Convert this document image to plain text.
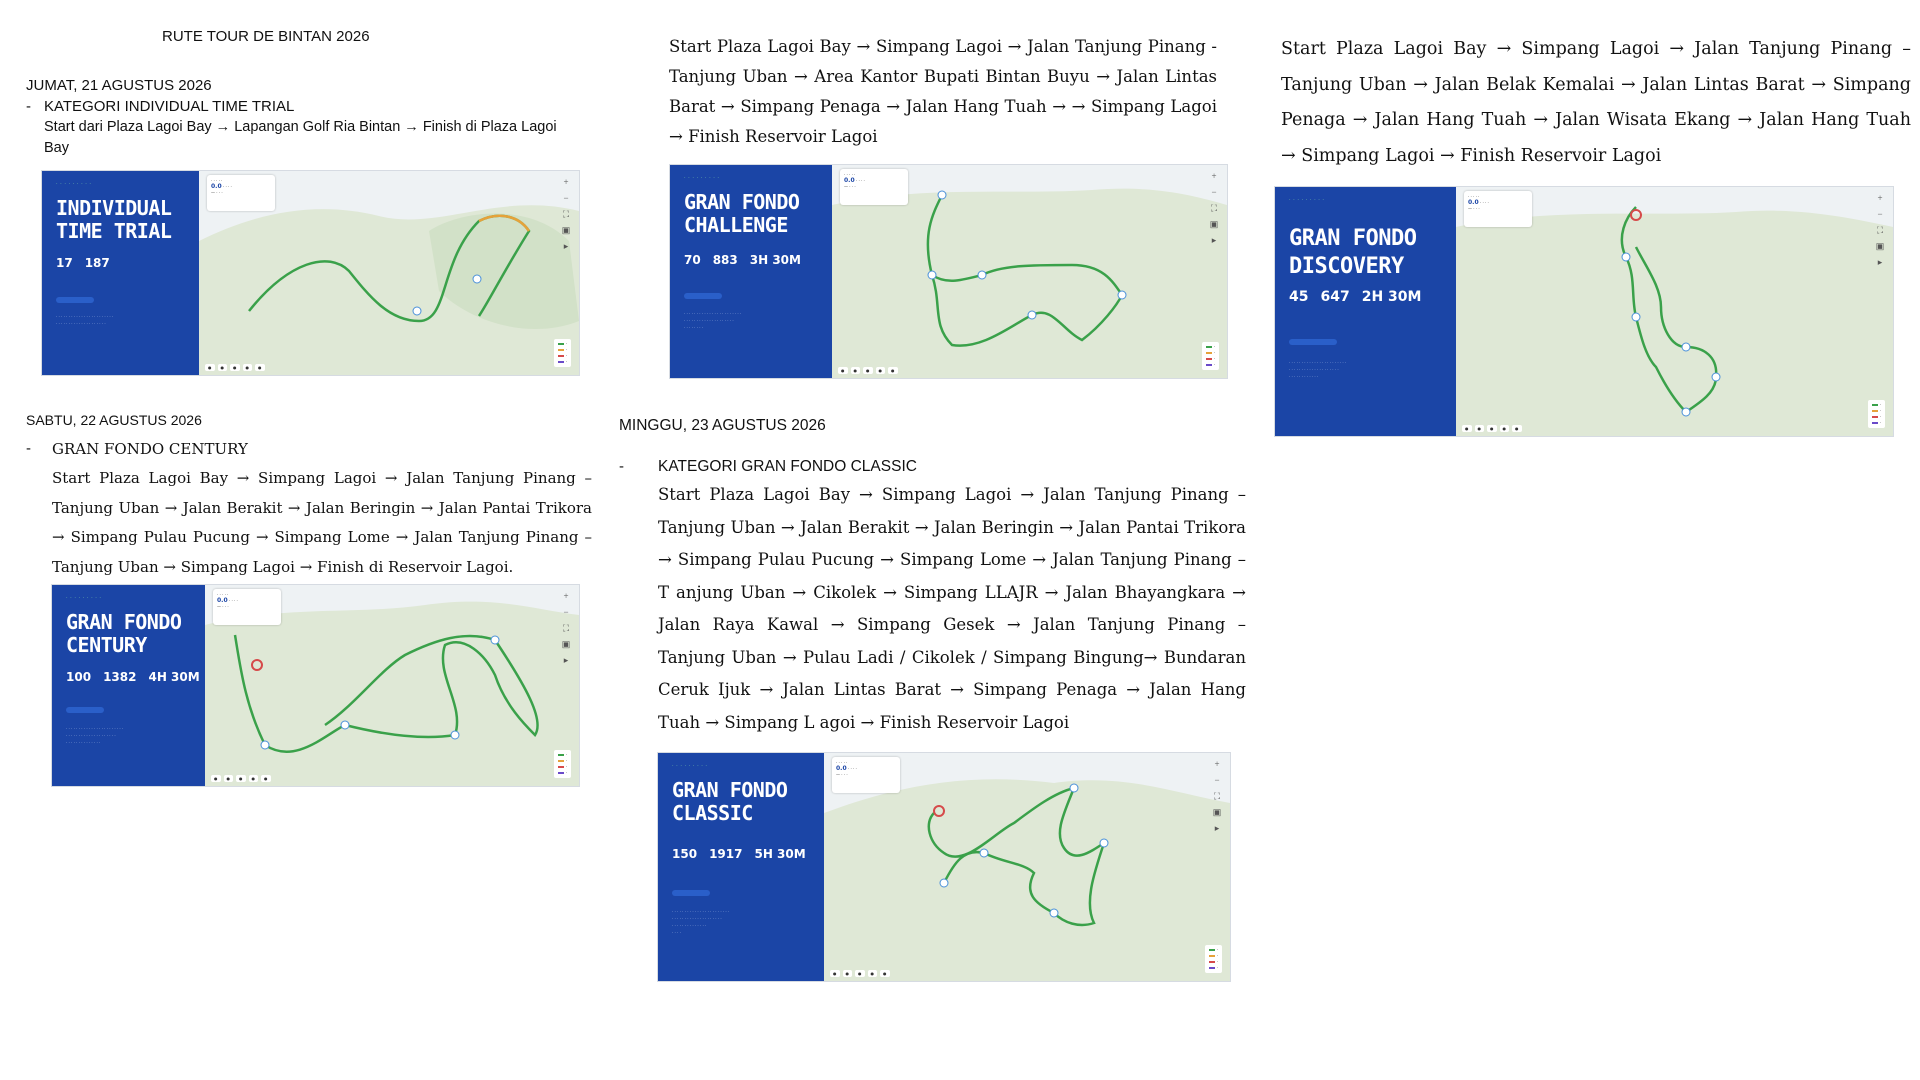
RUTE TOUR DE BINTAN 2026
JUMAT, 21 AGUSTUS 2026
- KATEGORI INDIVIDUAL TIME TRIAL
Start dari Plaza Lagoi Bay → Lapangan Golf Ria Bintan → Finish di Plaza Lagoi Bay
· · · · · · · · ·
INDIVIDUAL
TIME TRIAL
17 187
· · · · · · · · · · · · · · · · · · · · · · ·
· · · · · · · · · · · · · · · · · · · ·
· · · · ·
0.0 · · · ·
— · · ·
+
−
⛶
▣
▸
·
·
·
·
●	●	●	●	●
SABTU, 22 AGUSTUS 2026
- GRAN FONDO CENTURY
Start Plaza Lagoi Bay → Simpang Lagoi → Jalan Tanjung Pinang – Tanjung Uban → Jalan Berakit → Jalan Beringin → Jalan Pantai Trikora → Simpang Pulau Pucung → Simpang Lome → Jalan Tanjung Pinang – Tanjung Uban → Simpang Lagoi → Finish di Reservoir Lagoi.
· · · · · · · · ·
GRAN FONDO
CENTURY
100 1382 4H 30M
· · · · · · · · · · · · · · · · · · · · · · ·
· · · · · · · · · · · · · · · · · · · ·
· · · · · · · · · · · · · ·
· · · · ·
0.0 · · · ·
— · · ·
+
−
⛶
▣
▸
·
·
·
·
●	●	●	●	●
Start Plaza Lagoi Bay → Simpang Lagoi → Jalan Tanjung Pinang -Tanjung Uban → Area Kantor Bupati Bintan Buyu → Jalan Lintas Barat → Simpang Penaga → Jalan Hang Tuah → → Simpang Lagoi → Finish Reservoir Lagoi
· · · · · · · · ·
GRAN FONDO
CHALLENGE
70 883 3H 30M
· · · · · · · · · · · · · · · · · · · · · · ·
· · · · · · · · · · · · · · · · · · · ·
· · · · · · · ·
· · · · ·
0.0 · · · ·
— · · ·
+
−
⛶
▣
▸
·
·
·
·
●	●	●	●	●
MINGGU, 23 AGUSTUS 2026
- KATEGORI GRAN FONDO CLASSIC
Start Plaza Lagoi Bay → Simpang Lagoi → Jalan Tanjung Pinang – Tanjung Uban → Jalan Berakit → Jalan Beringin → Jalan Pantai Trikora → Simpang Pulau Pucung → Simpang Lome → Jalan Tanjung Pinang – T anjung Uban → Cikolek → Simpang LLAJR → Jalan Bhayangkara → Jalan Raya Kawal → Simpang Gesek → Jalan Tanjung Pinang – Tanjung Uban → Pulau Ladi / Cikolek / Simpang Bingung→ Bundaran Ceruk Ijuk → Jalan Lintas Barat → Simpang Penaga → Jalan Hang Tuah → Simpang L agoi → Finish Reservoir Lagoi
· · · · · · · · ·
GRAN FONDO
CLASSIC
150 1917 5H 30M
· · · · · · · · · · · · · · · · · · · · · · ·
· · · · · · · · · · · · · · · · · · · ·
· · · · · · · · · · · · · ·
· · · ·
· · · · ·
0.0 · · · ·
— · · ·
+
−
⛶
▣
▸
·
·
·
·
●	●	●	●	●
Start Plaza Lagoi Bay → Simpang Lagoi → Jalan Tanjung Pinang – Tanjung Uban → Jalan Belak Kemalai → Jalan Lintas Barat → Simpang Penaga → Jalan Hang Tuah → Jalan Wisata Ekang → Jalan Hang Tuah → Simpang Lagoi → Finish Reservoir Lagoi
· · · · · · · · ·
GRAN FONDO
DISCOVERY
45 647 2H 30M
· · · · · · · · · · · · · · · · · · · · · · ·
· · · · · · · · · · · · · · · · · · · ·
· · · · · · · · · · · ·
· · · · ·
0.0 · · · ·
— · · ·
+
−
⛶
▣
▸
·
·
·
·
●	●	●	●	●
